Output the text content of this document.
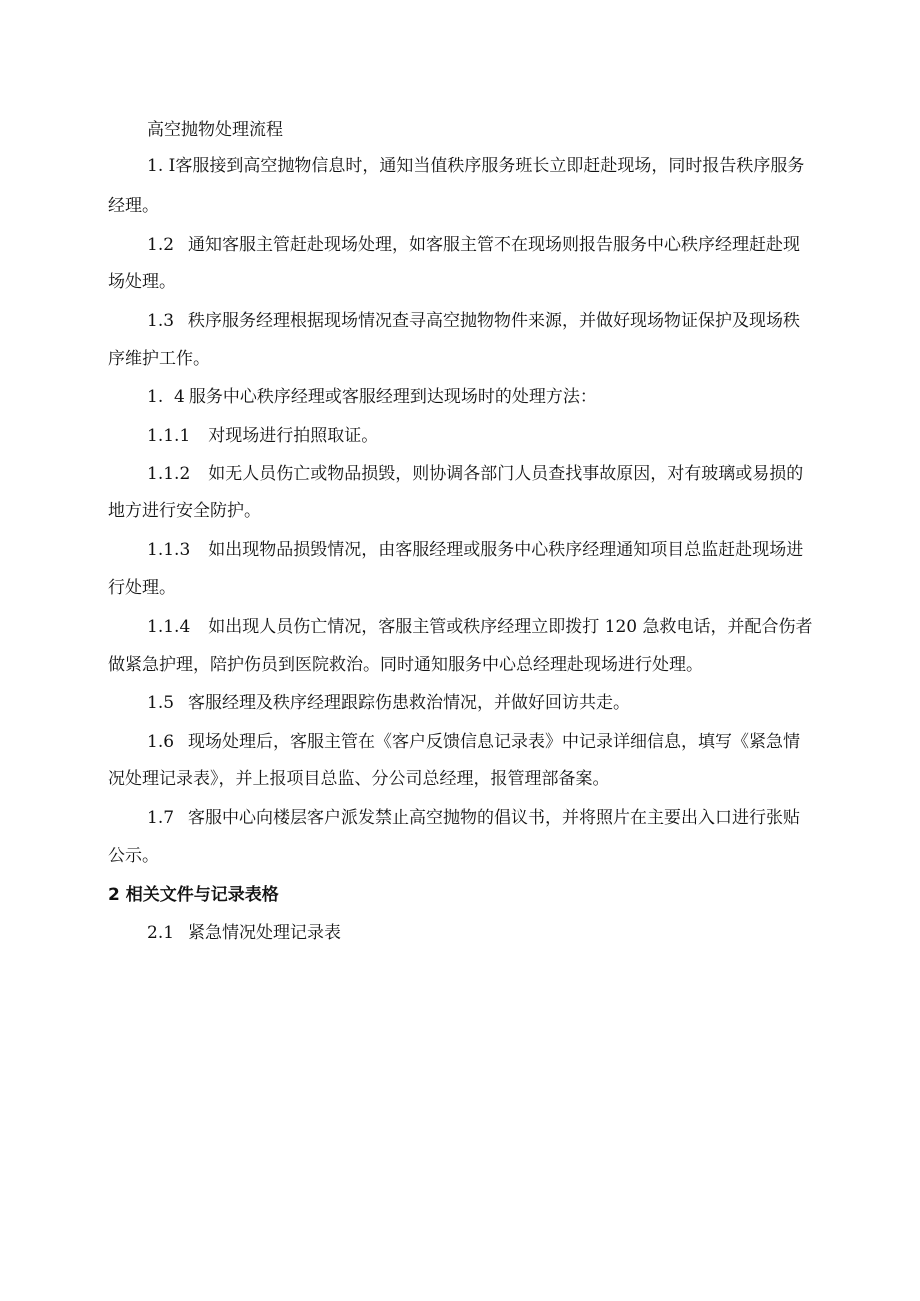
高空抛物处理流程
1. I客服接到高空抛物信息时，通知当值秩序服务班长立即赶赴现场，同时报告秩序服务
经理。
1.2 通知客服主管赶赴现场处理，如客服主管不在现场则报告服务中心秩序经理赶赴现
场处理。
1.3 秩序服务经理根据现场情况查寻高空抛物物件来源，并做好现场物证保护及现场秩
序维护工作。
1.  4 服务中心秩序经理或客服经理到达现场时的处理方法：
1.1.1 对现场进行拍照取证。
1.1.2 如无人员伤亡或物品损毁，则协调各部门人员查找事故原因，对有玻璃或易损的
地方进行安全防护。
1.1.3 如出现物品损毁情况，由客服经理或服务中心秩序经理通知项目总监赶赴现场进
行处理。
1.1.4 如出现人员伤亡情况，客服主管或秩序经理立即拨打 120 急救电话，并配合伤者
做紧急护理，陪护伤员到医院救治。同时通知服务中心总经理赴现场进行处理。
1.5 客服经理及秩序经理跟踪伤患救治情况，并做好回访共走。
1.6 现场处理后，客服主管在《客户反馈信息记录表》中记录详细信息，填写《紧急情
况处理记录表》，并上报项目总监、分公司总经理，报管理部备案。
1.7 客服中心向楼层客户派发禁止高空抛物的倡议书，并将照片在主要出入口进行张贴
公示。
2 相关文件与记录表格
2.1 紧急情况处理记录表
